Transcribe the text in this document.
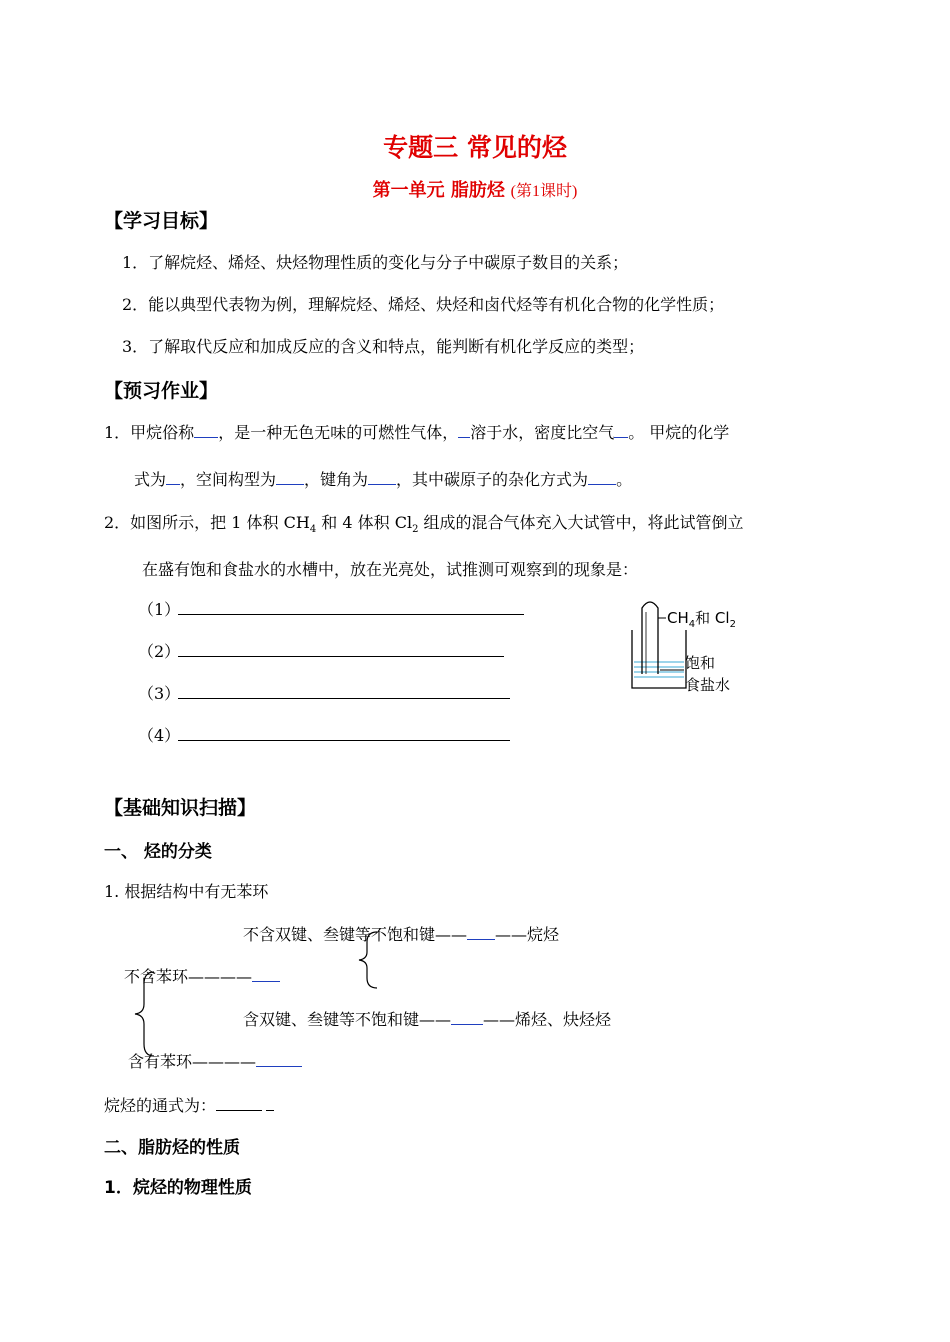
专题三 常见的烃
第一单元 脂肪烃 (第1课时)
【学习目标】
1．了解烷烃、烯烃、炔烃物理性质的变化与分子中碳原子数目的关系；
2．能以典型代表物为例，理解烷烃、烯烃、炔烃和卤代烃等有机化合物的化学性质；
3．了解取代反应和加成反应的含义和特点，能判断有机化学反应的类型；
【预习作业】
1．甲烷俗称 ，是一种无色无味的可燃性气体， 溶于水，密度比空气 。 甲烷的化学
式为 ，空间构型为 ，键角为 ，其中碳原子的杂化方式为 。
2．如图所示，把 1 体积 $CH_4$ 和 4 体积 $Cl_2$ 组成的混合气体充入大试管中，将此试管倒立
在盛有饱和食盐水的水槽中，放在光亮处，试推测可观察到的现象是：
（1）
（2）
（3）
（4）
$CH_4$和 $Cl_2$
饱和
食盐水
【基础知识扫描】
一、 烃的分类
1. 根据结构中有无苯环
不含双键、叁键等不饱和键—— ——烷烃
不含苯环————
含双键、叁键等不饱和键—— ——烯烃、炔烃烃
含有苯环————
烷烃的通式为：
二、脂肪烃的性质
1．烷烃的物理性质
